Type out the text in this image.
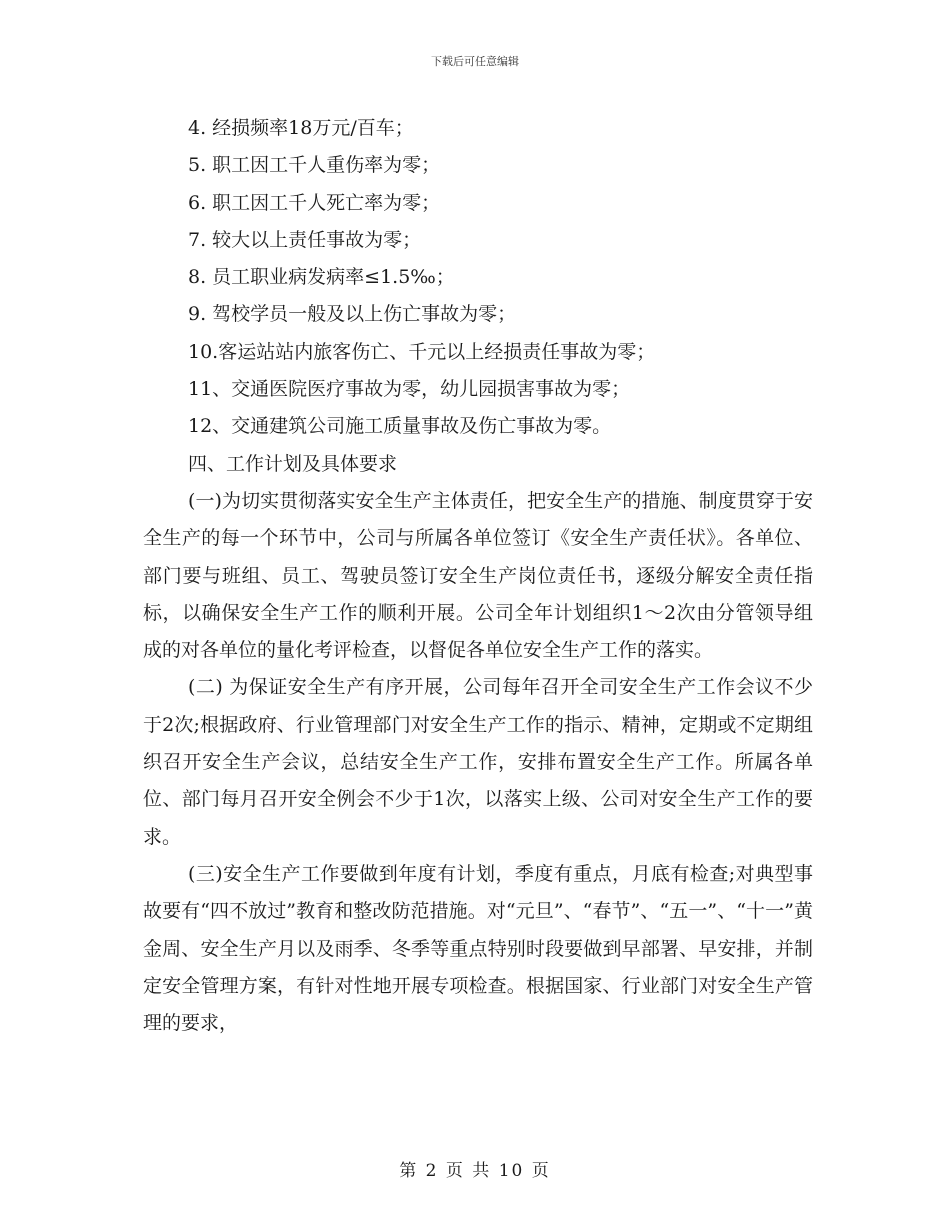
下载后可任意编辑
4. 经损频率18万元/百车；
5. 职工因工千人重伤率为零；
6. 职工因工千人死亡率为零；
7. 较大以上责任事故为零；
8. 员工职业病发病率≤1.5‰；
9. 驾校学员一般及以上伤亡事故为零；
10.客运站站内旅客伤亡、千元以上经损责任事故为零；
11、交通医院医疗事故为零，幼儿园损害事故为零；
12、交通建筑公司施工质量事故及伤亡事故为零。
四、工作计划及具体要求

(一)为切实贯彻落实安全生产主体责任，把安全生产的措施、制度贯穿于安全生产的每一个环节中，公司与所属各单位签订《安全生产责任状》。各单位、部门要与班组、员工、驾驶员签订安全生产岗位责任书，逐级分解安全责任指标，以确保安全生产工作的顺利开展。公司全年计划组织1～2次由分管领导组成的对各单位的量化考评检查，以督促各单位安全生产工作的落实。

(二) 为保证安全生产有序开展，公司每年召开全司安全生产工作会议不少于2次;根据政府、行业管理部门对安全生产工作的指示、精神，定期或不定期组织召开安全生产会议，总结安全生产工作，安排布置安全生产工作。所属各单位、部门每月召开安全例会不少于1次，以落实上级、公司对安全生产工作的要求。

(三)安全生产工作要做到年度有计划，季度有重点，月底有检查;对典型事故要有“四不放过”教育和整改防范措施。对“元旦”、“春节”、“五一”、“十一”黄金周、安全生产月以及雨季、冬季等重点特别时段要做到早部署、早安排，并制定安全管理方案，有针对性地开展专项检查。根据国家、行业部门对安全生产管理的要求，

第 2 页 共 10 页
